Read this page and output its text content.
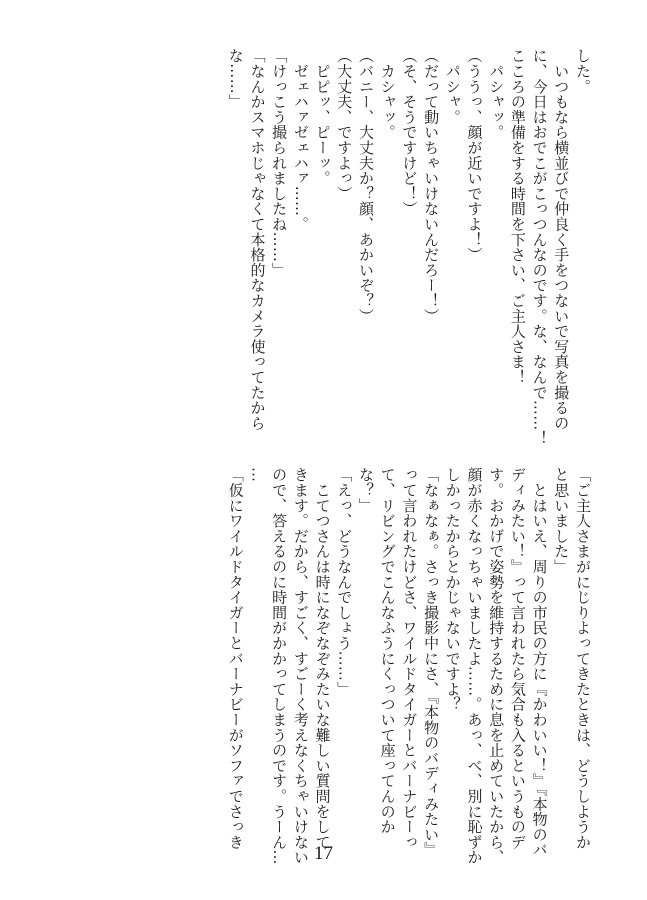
した。
　いつもなら横並びで仲良く手をつないで写真を撮るの
に、今日はおでこがこっつんなのです。な、なんで……！
こころの準備をする時間を下さい、ご主人さま！
　パシャッ。
（ううっ、顔が近いですよ！）
　パシャ。
（だって動いちゃいけないんだろー！）
（そ、そうですけど！）
　カシャッ。
（バニー、大丈夫か？顔、あかいぞ？）
（大丈夫、ですよっ）
　ピピッ、ピーッ。
　ゼェハァゼェハァ……。
「けっこう撮られましたね……」
「なんかスマホじゃなくて本格的なカメラ使ってたから
な……」
「ご主人さまがにじりよってきたときは、どうしようか
と思いました」
　とはいえ、周りの市民の方に『かわいい！』『本物のバ
ディみたい！』って言われたら気合も入るというものデ
す。おかげで姿勢を維持するために息を止めていたから、
顔が赤くなっちゃいましたよ……。あっ、べ、別に恥ずか
しかったからとかじゃないですよ？
「なぁなぁ。さっき撮影中にさ、『本物のバディみたい』
って言われたけどさ、ワイルドタイガーとバーナビーっ
て、リビングでこんなふうにくっついて座ってんのか
な？」
「えっ、どうなんでしょう……」
　こてつさんは時になぞなぞみたいな難しい質問をして
きます。だから、すごく、すごーく考えなくちゃいけない
ので、答えるのに時間がかかってしまうのです。うーん…
…
「仮にワイルドタイガーとバーナビーがソファでさっき
17
